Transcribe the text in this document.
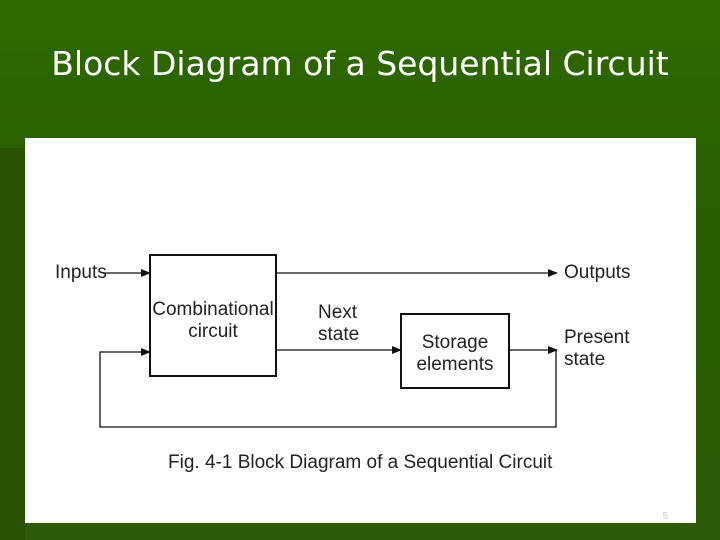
Block Diagram of a Sequential Circuit
Inputs	Outputs
Combinational
circuit
Next
state	Storage
elements
Present
state
Fig. 4-1 Block Diagram of a Sequential Circuit
5
